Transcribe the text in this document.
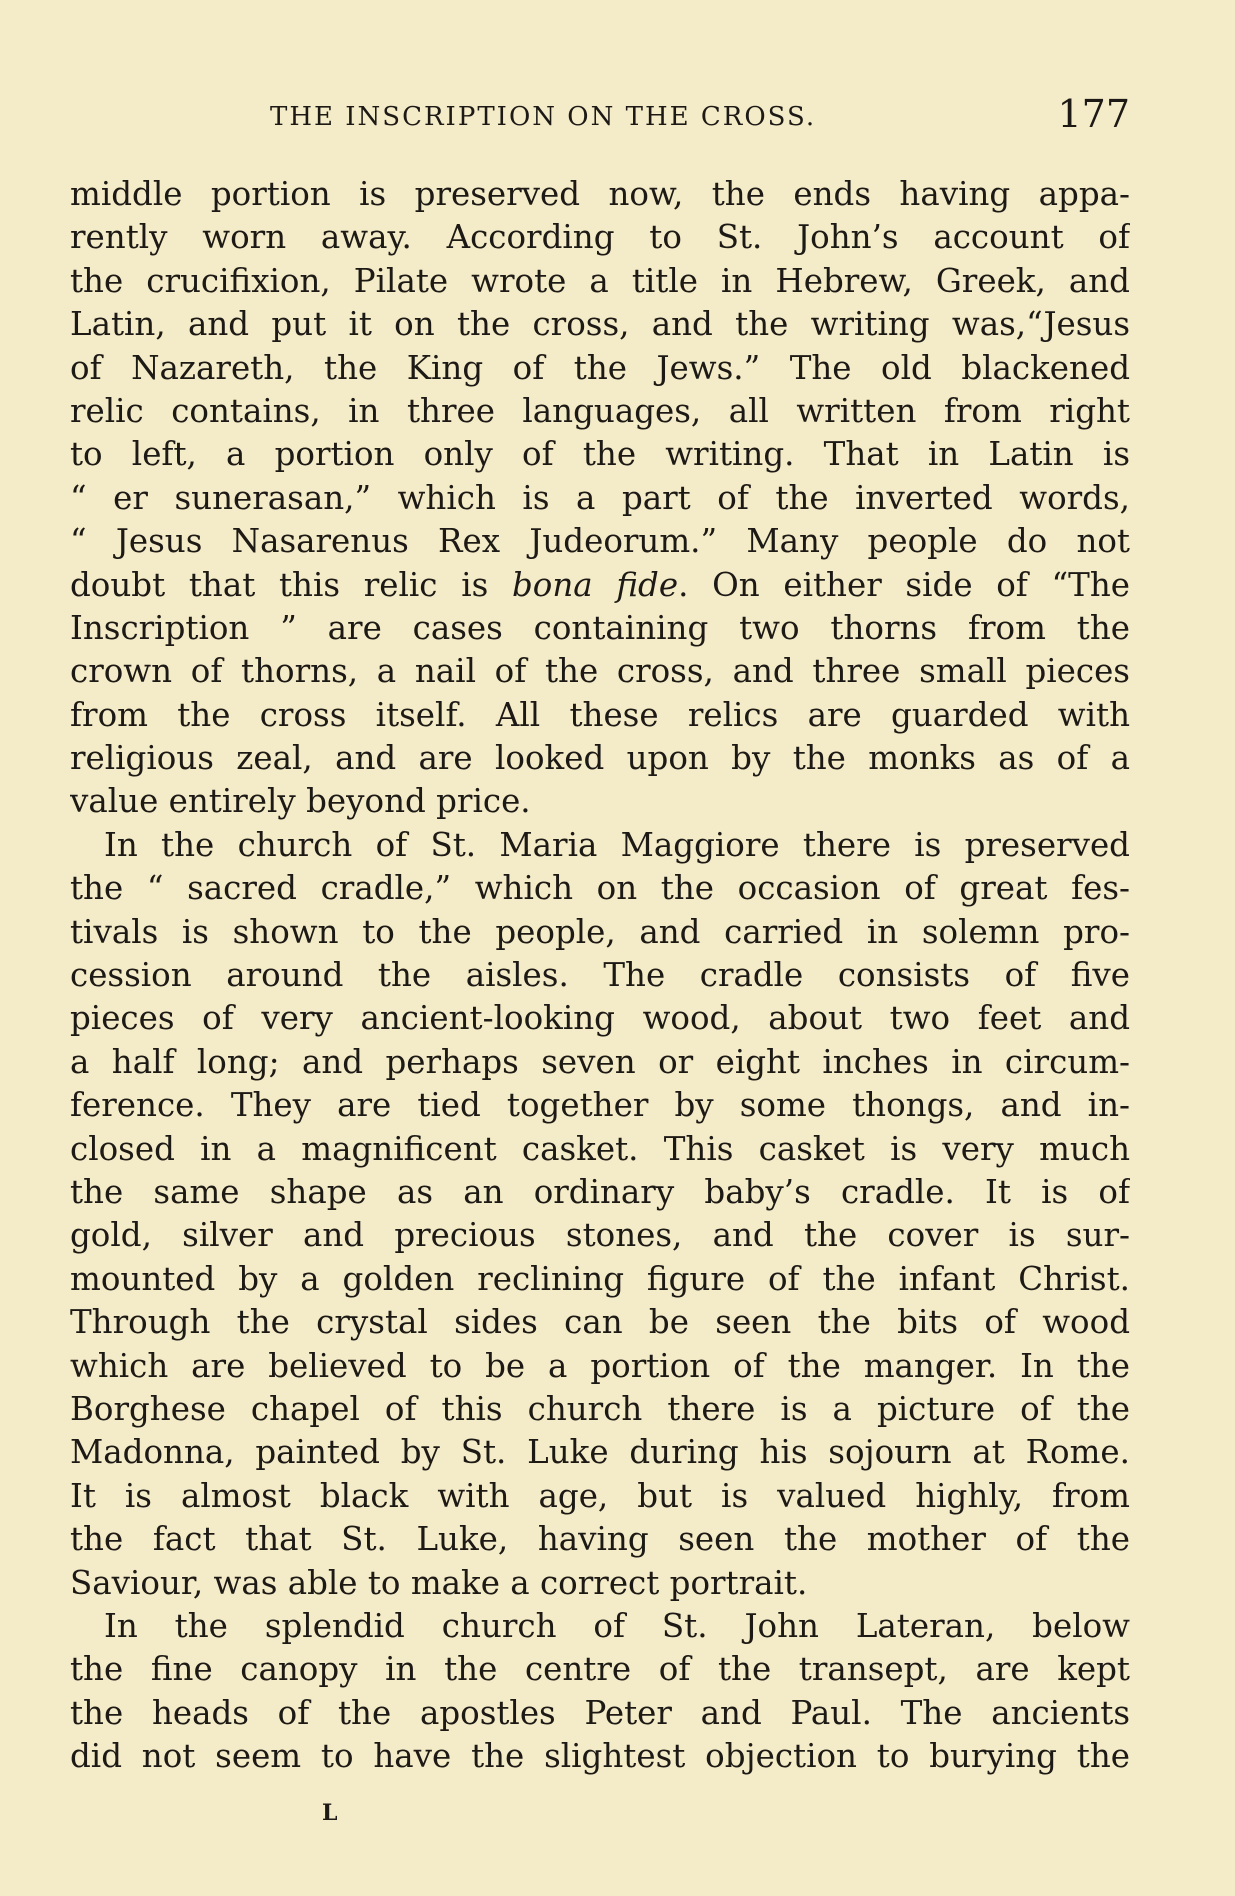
THE INSCRIPTION ON THE CROSS.	177
middle portion is preserved now, the ends having appa-
rently worn away. According to St. John’s account of
the crucifixion, Pilate wrote a title in Hebrew, Greek, and
Latin, and put it on the cross, and the writing was,“Jesus
of Nazareth, the King of the Jews.” The old blackened
relic contains, in three languages, all written from right
to left, a portion only of the writing. That in Latin is
“ er sunerasan,” which is a part of the inverted words,
“ Jesus Nasarenus Rex Judeorum.” Many people do not
doubt that this relic is bona fide. On either side of “The
Inscription ” are cases containing two thorns from the
crown of thorns, a nail of the cross, and three small pieces
from the cross itself. All these relics are guarded with
religious zeal, and are looked upon by the monks as of a
value entirely beyond price.
In the church of St. Maria Maggiore there is preserved
the “ sacred cradle,” which on the occasion of great fes-
tivals is shown to the people, and carried in solemn pro-
cession around the aisles. The cradle consists of five
pieces of very ancient-looking wood, about two feet and
a half long; and perhaps seven or eight inches in circum-
ference. They are tied together by some thongs, and in-
closed in a magnificent casket. This casket is very much
the same shape as an ordinary baby’s cradle. It is of
gold, silver and precious stones, and the cover is sur-
mounted by a golden reclining figure of the infant Christ.
Through the crystal sides can be seen the bits of wood
which are believed to be a portion of the manger. In the
Borghese chapel of this church there is a picture of the
Madonna, painted by St. Luke during his sojourn at Rome.
It is almost black with age, but is valued highly, from
the fact that St. Luke, having seen the mother of the
Saviour, was able to make a correct portrait.
In the splendid church of St. John Lateran, below
the fine canopy in the centre of the transept, are kept
the heads of the apostles Peter and Paul. The ancients
did not seem to have the slightest objection to burying the
L
